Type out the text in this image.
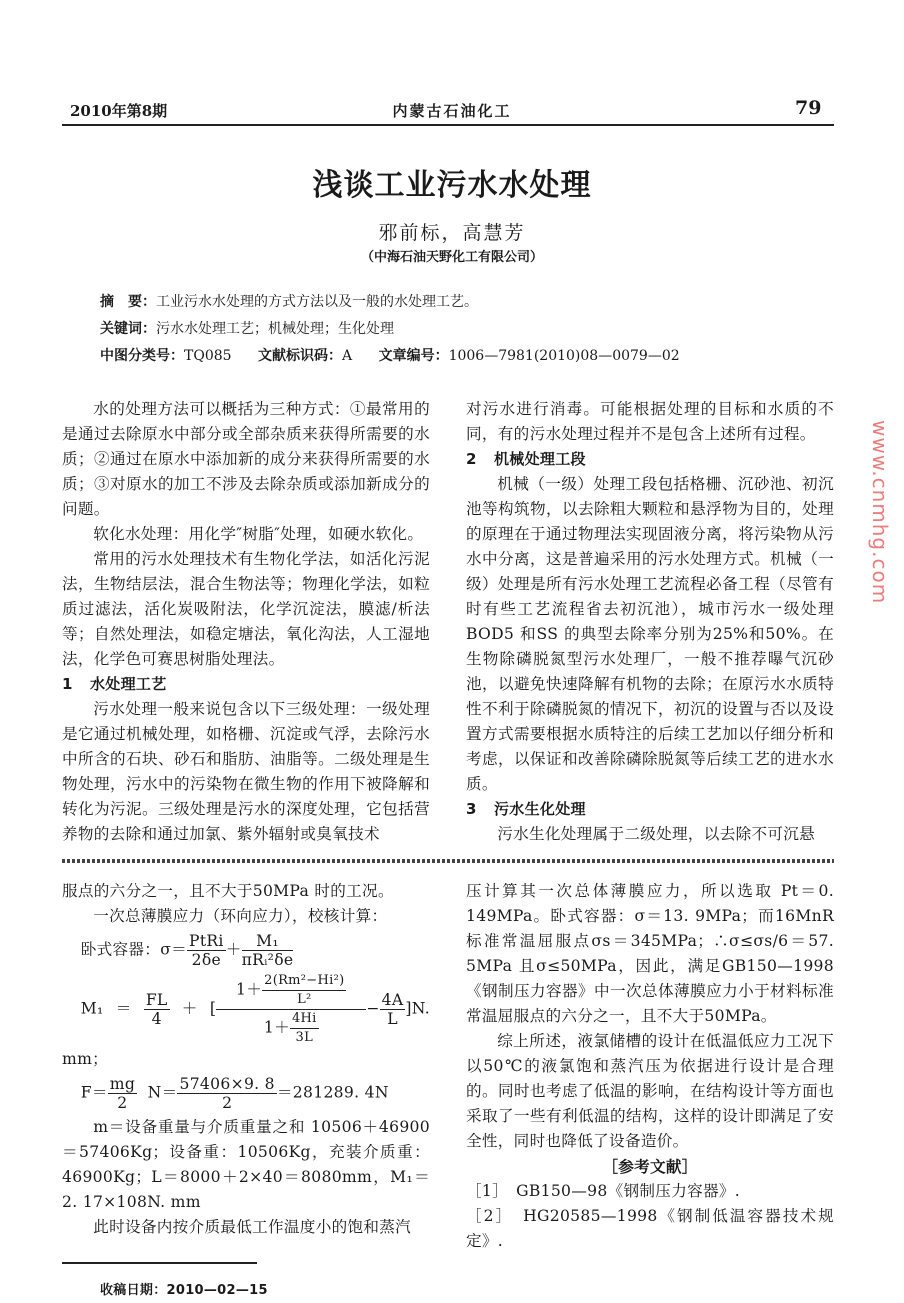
2010年第8期	内蒙古石油化工	79
浅谈工业污水水处理
邪前标，高慧芳
（中海石油天野化工有限公司）
摘　要：工业污水水处理的方式方法以及一般的水处理工艺。
关键词：污水水处理工艺；机械处理；生化处理
中图分类号：TQ085 文献标识码：A 文章编号：1006—7981(2010)08—0079—02

水的处理方法可以概括为三种方式：①最常用的是通过去除原水中部分或全部杂质来获得所需要的水质；②通过在原水中添加新的成分来获得所需要的水质；③对原水的加工不涉及去除杂质或添加新成分的问题。

软化水处理：用化学″树脂″处理，如硬水软化。

常用的污水处理技术有生物化学法，如活化污泥法，生物结层法，混合生物法等；物理化学法，如粒质过滤法，活化炭吸附法，化学沉淀法，膜滤/析法等；自然处理法，如稳定塘法，氧化沟法，人工湿地法，化学色可赛思树脂处理法。

1 水处理工艺

污水处理一般来说包含以下三级处理：一级处理是它通过机械处理，如格栅、沉淀或气浮，去除污水中所含的石块、砂石和脂肪、油脂等。二级处理是生物处理，污水中的污染物在微生物的作用下被降解和转化为污泥。三级处理是污水的深度处理，它包括营养物的去除和通过加氯、紫外辐射或臭氧技术

对污水进行消毒。可能根据处理的目标和水质的不同，有的污水处理过程并不是包含上述所有过程。

2 机械处理工段

机械（一级）处理工段包括格栅、沉砂池、初沉池等构筑物，以去除粗大颗粒和悬浮物为目的，处理的原理在于通过物理法实现固液分离，将污染物从污水中分离，这是普遍采用的污水处理方式。机械（一级）处理是所有污水处理工艺流程必备工程（尽管有时有些工艺流程省去初沉池），城市污水一级处理BOD5 和SS 的典型去除率分别为25%和50%。在生物除磷脱氮型污水处理厂，一般不推荐曝气沉砂池，以避免快速降解有机物的去除；在原污水水质特性不利于除磷脱氮的情况下，初沉的设置与否以及设置方式需要根据水质特注的后续工艺加以仔细分析和考虑，以保证和改善除磷除脱氮等后续工艺的进水水质。

3 污水生化处理

污水生化处理属于二级处理，以去除不可沉悬

服点的六分之一，且不大于50MPa 时的工况。

一次总薄膜应力（环向应力），校核计算：

卧式容器：$\sigma= \frac{\text{PtRi}}{2\delta e} + \frac{\text{M₁}}{\text{πRᵢ²δe}}$
$M_1= \frac{FL}{4}$ ＋[ $\frac{1+ \frac{\text{2(Rm²−Hi²)}}{\text{L²}}}{1+ \frac{4Hi}{3L}} - \frac{4A}{L} ]N$. mm；
$F= \frac{mg}{2} N= \frac{57406\times 9. 8}{2} =281289$. 4N

m＝设备重量与介质重量之和 10506＋46900＝57406Kg；设备重：10506Kg，充装介质重：46900Kg；L＝8000＋2×40＝8080mm，M₁＝2. 17×108N. mm

此时设备内按介质最低工作温度小的饱和蒸汽

收稿日期：2010—02—15

压计算其一次总体薄膜应力，所以选取 Pt＝0. 149MPa。卧式容器：σ＝13. 9MPa；而16MnR 标准常温屈服点σs＝345MPa；∴σ≤σs/6＝57. 5MPa 且σ≤50MPa，因此，满足GB150—1998《钢制压力容器》中一次总体薄膜应力小于材料标准常温屈服点的六分之一，且不大于50MPa。

综上所述，液氯储槽的设计在低温低应力工况下以50℃的液氯饱和蒸汽压为依据进行设计是合理的。同时也考虑了低温的影响，在结构设计等方面也采取了一些有利低温的结构，这样的设计即满足了安全性，同时也降低了设备造价。

［参考文献］
［1］　GB150—98《钢制压力容器》.
［2］　HG20585—1998《钢制低温容器技术规定》.
www.cnmhg.com
